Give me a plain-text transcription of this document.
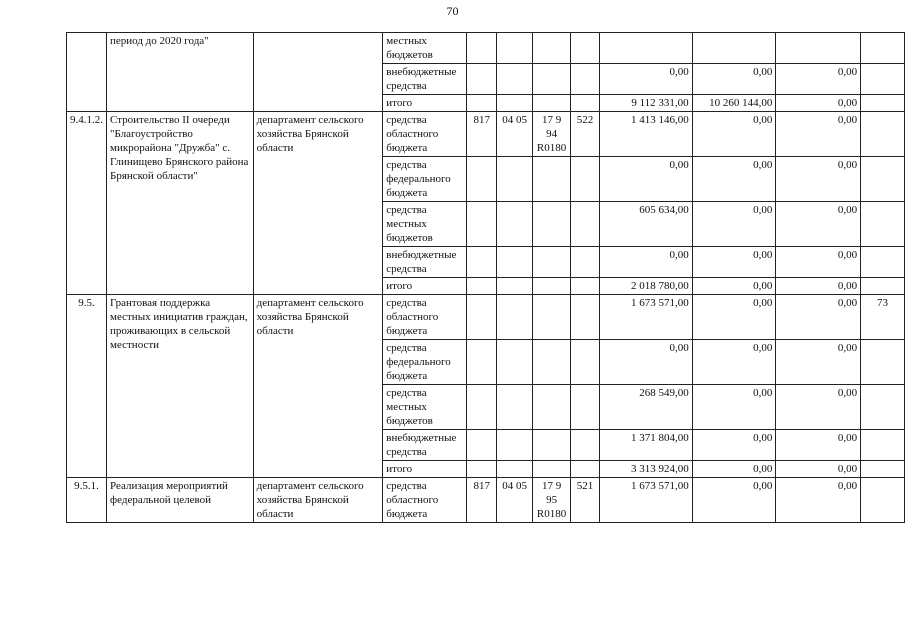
70
	период до 2020 года"		местных бюджетов								
			внебюджетные средства					0,00	0,00	0,00	
			итого					9 112 331,00	10 260 144,00	0,00	
9.4.1.2.	Строительство II очереди "Благоустройство микрорайона "Дружба" с. Глинищево Брянского района Брянской области"	департамент сельского хозяйства Брянской области	средства областного бюджета	817	04 05	17 9 94 R0180	522	1 413 146,00	0,00	0,00	
			средства федерального бюджета					0,00	0,00	0,00	
			средства местных бюджетов					605 634,00	0,00	0,00	
			внебюджетные средства					0,00	0,00	0,00	
			итого					2 018 780,00	0,00	0,00	
9.5.	Грантовая поддержка местных инициатив граждан, проживающих в сельской местности	департамент сельского хозяйства Брянской области	средства областного бюджета					1 673 571,00	0,00	0,00	73
			средства федерального бюджета					0,00	0,00	0,00	
			средства местных бюджетов					268 549,00	0,00	0,00	
			внебюджетные средства					1 371 804,00	0,00	0,00	
			итого					3 313 924,00	0,00	0,00	
9.5.1.	Реализация мероприятий федеральной целевой	департамент сельского хозяйства Брянской области	средства областного бюджета	817	04 05	17 9 95 R0180	521	1 673 571,00	0,00	0,00	
